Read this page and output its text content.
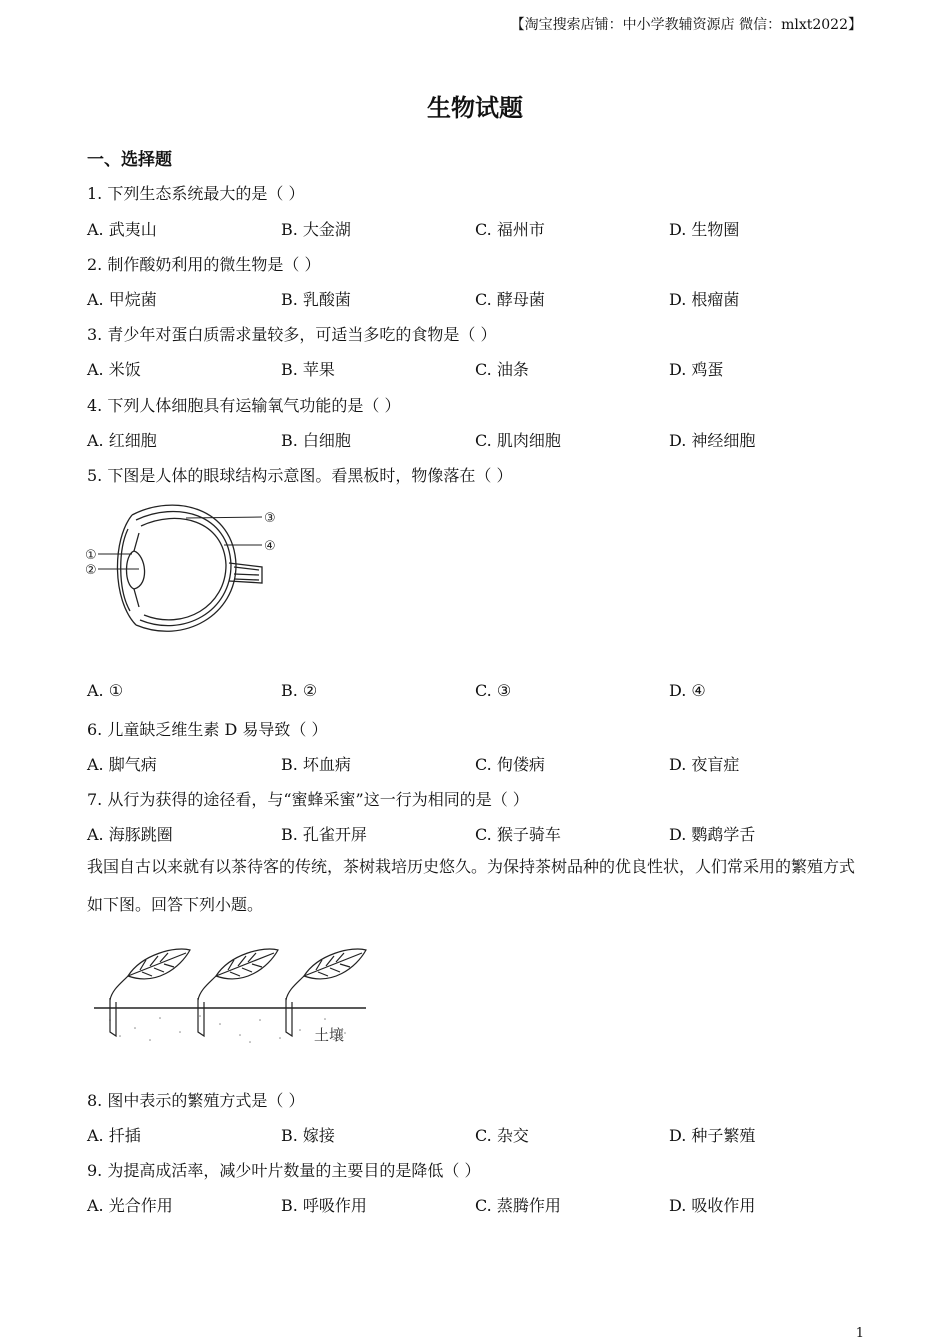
【淘宝搜索店铺：中小学教辅资源店 微信：mlxt2022】
生物试题
一、选择题
1. 下列生态系统最大的是（ ）
A. 武夷山	B. 大金湖	C. 福州市	D. 生物圈
2. 制作酸奶利用的微生物是（ ）
A. 甲烷菌	B. 乳酸菌	C. 酵母菌	D. 根瘤菌
3. 青少年对蛋白质需求量较多，可适当多吃的食物是（ ）
A. 米饭	B. 苹果	C. 油条	D. 鸡蛋
4. 下列人体细胞具有运输氧气功能的是（ ）
A. 红细胞	B. 白细胞	C. 肌肉细胞	D. 神经细胞
5. 下图是人体的眼球结构示意图。看黑板时，物像落在（ ）
①
②
③
④
A. ①	B. ②	C. ③	D. ④
6. 儿童缺乏维生素 D 易导致（ ）
A. 脚气病	B. 坏血病	C. 佝偻病	D. 夜盲症
7. 从行为获得的途径看，与“蜜蜂采蜜”这一行为相同的是（ ）
A. 海豚跳圈	B. 孔雀开屏	C. 猴子骑车	D. 鹦鹉学舌
我国自古以来就有以茶待客的传统，茶树栽培历史悠久。为保持茶树品种的优良性状，人们常采用的繁殖方式如下图。回答下列小题。
土壤
8. 图中表示的繁殖方式是（ ）
A. 扦插	B. 嫁接	C. 杂交	D. 种子繁殖
9. 为提高成活率，减少叶片数量的主要目的是降低（ ）
A. 光合作用	B. 呼吸作用	C. 蒸腾作用	D. 吸收作用
1
